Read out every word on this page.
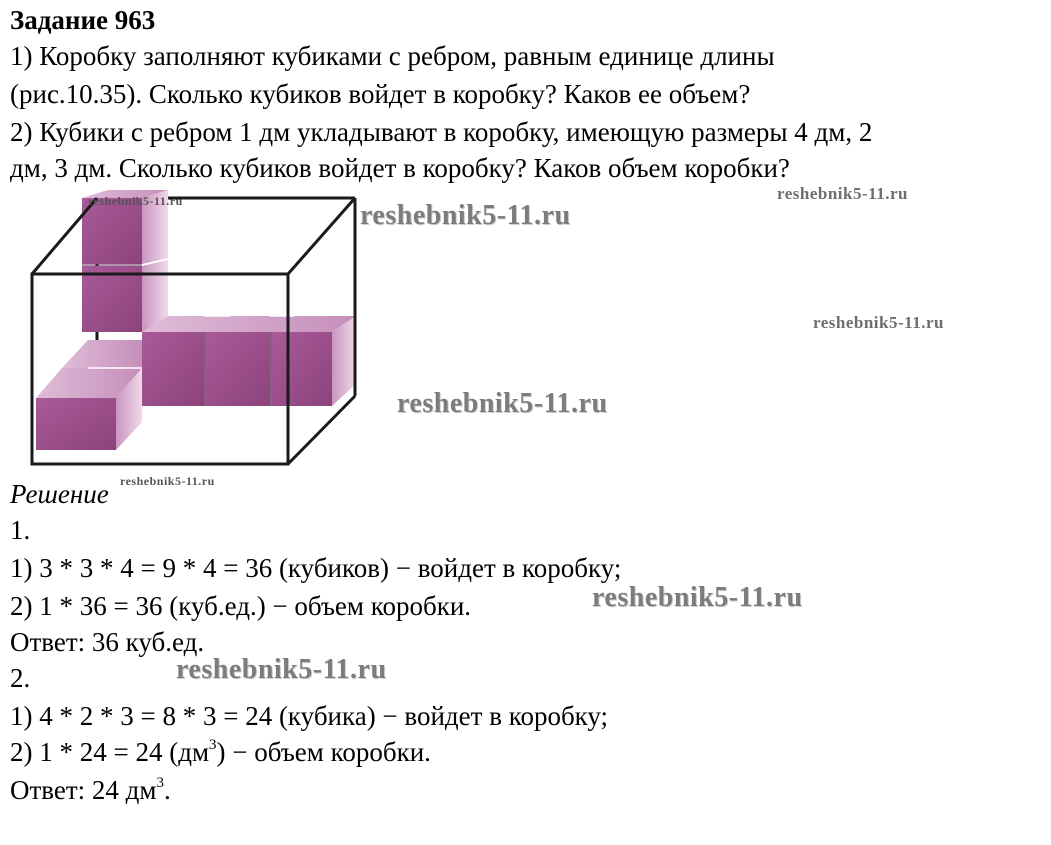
Задание 963
1) Коробку заполняют кубиками с ребром, равным единице длины
(рис.10.35). Сколько кубиков войдет в коробку? Каков ее объем?
2) Кубики с ребром 1 дм укладывают в коробку, имеющую размеры 4 дм, 2
дм, 3 дм. Сколько кубиков войдет в коробку? Каков объем коробки?
reshebnik5-11.ru	reshebnik5-11.ru
reshebnik5-11.ru
reshebnik5-11.ru
reshebnik5-11.ru
reshebnik5-11.ru
Решение
1.
1) 3 * 3 * 4 = 9 * 4 = 36 (кубиков) − войдет в коробку;
2) 1 * 36 = 36 (куб.ед.) − объем коробки.	reshebnik5-11.ru
Ответ: 36 куб.ед.
2.	reshebnik5-11.ru
1) 4 * 2 * 3 = 8 * 3 = 24 (кубика) − войдет в коробку;
2) 1 * 24 = 24 $(дм^3)$ − объем коробки.
Ответ: 24 $дм^3$.
